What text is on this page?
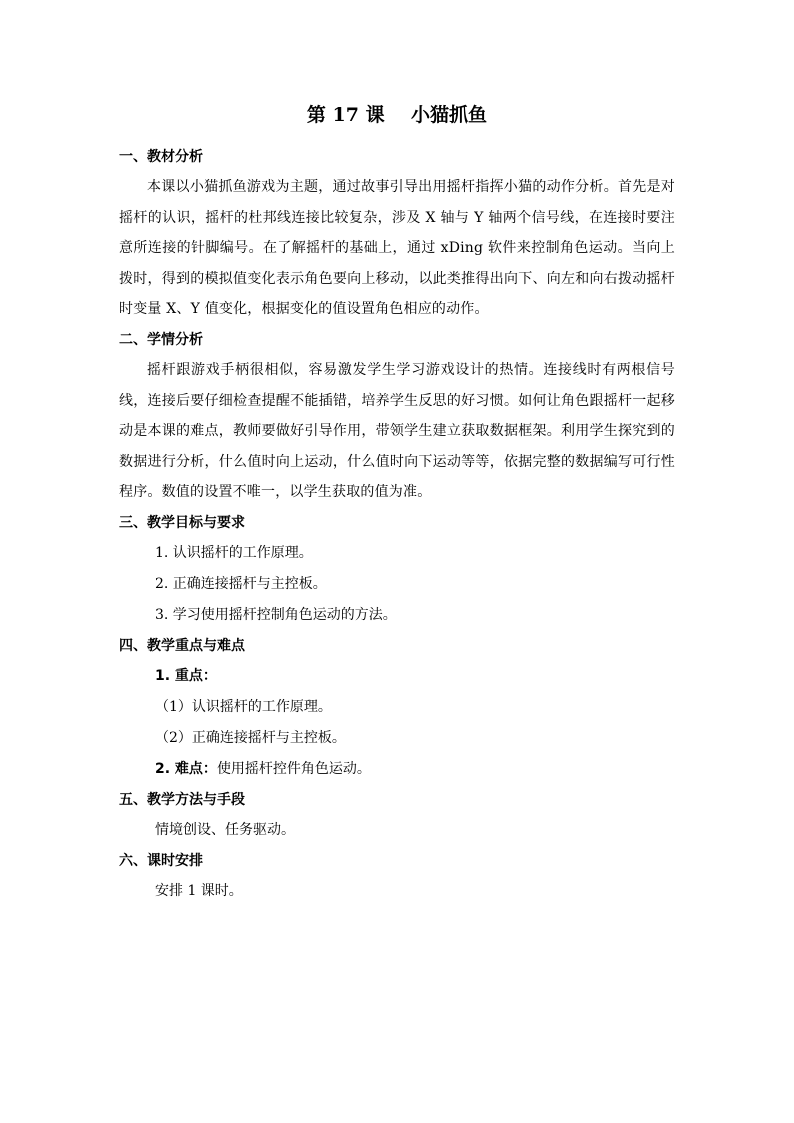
第 17 课    小猫抓鱼
一、教材分析

本课以小猫抓鱼游戏为主题，通过故事引导出用摇杆指挥小猫的动作分析。首先是对摇杆的认识，摇杆的杜邦线连接比较复杂，涉及 X 轴与 Y 轴两个信号线，在连接时要注意所连接的针脚编号。在了解摇杆的基础上，通过 xDing 软件来控制角色运动。当向上拨时，得到的模拟值变化表示角色要向上移动，以此类推得出向下、向左和向右拨动摇杆时变量 X、Y 值变化，根据变化的值设置角色相应的动作。

二、学情分析

摇杆跟游戏手柄很相似，容易激发学生学习游戏设计的热情。连接线时有两根信号线，连接后要仔细检查提醒不能插错，培养学生反思的好习惯。如何让角色跟摇杆一起移动是本课的难点，教师要做好引导作用，带领学生建立获取数据框架。利用学生探究到的数据进行分析，什么值时向上运动，什么值时向下运动等等，依据完整的数据编写可行性程序。数值的设置不唯一，以学生获取的值为准。

三、教学目标与要求
1. 认识摇杆的工作原理。
2. 正确连接摇杆与主控板。
3. 学习使用摇杆控制角色运动的方法。
四、教学重点与难点
1. 重点：
（1）认识摇杆的工作原理。
（2）正确连接摇杆与主控板。
2. 难点：使用摇杆控件角色运动。
五、教学方法与手段
情境创设、任务驱动。
六、课时安排
安排 1 课时。
